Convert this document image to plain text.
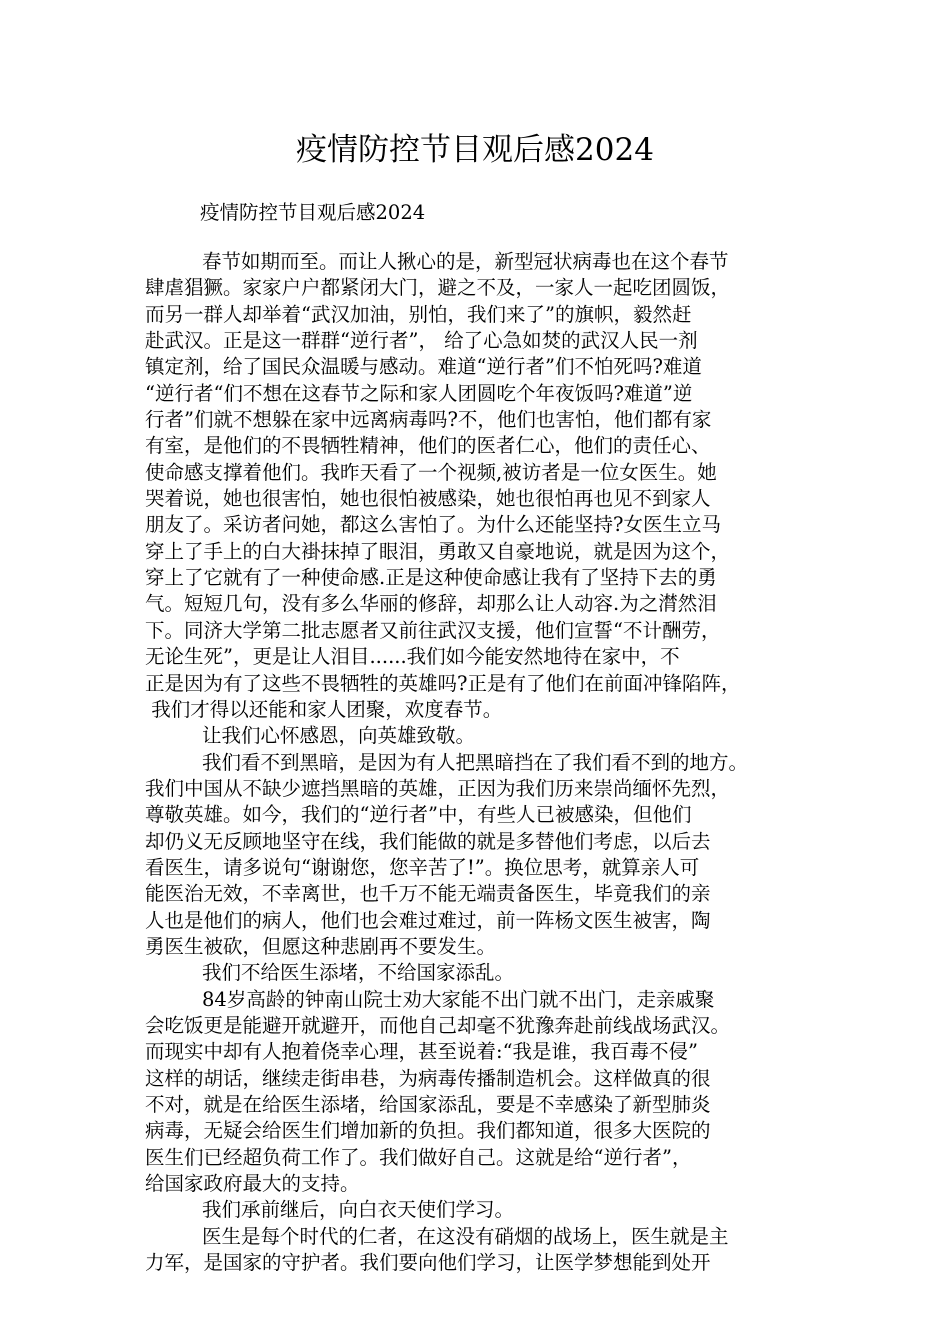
疫情防控节目观后感2024
疫情防控节目观后感2024
春节如期而至。而让人揪心的是，新型冠状病毒也在这个春节
肆虐猖獗。家家户户都紧闭大门，避之不及，一家人一起吃团圆饭，
而另一群人却举着“武汉加油，别怕，我们来了”的旗帜，毅然赶
赴武汉。正是这一群群“逆行者”， 给了心急如焚的武汉人民一剂
镇定剂，给了国民众温暖与感动。难道“逆行者”们不怕死吗?难道
“逆行者“们不想在这春节之际和家人团圆吃个年夜饭吗?难道”逆
行者”们就不想躲在家中远离病毒吗?不，他们也害怕，他们都有家
有室，是他们的不畏牺牲精神，他们的医者仁心，他们的责任心、
使命感支撑着他们。我昨天看了一个视频,被访者是一位女医生。她
哭着说，她也很害怕，她也很怕被感染，她也很怕再也见不到家人
朋友了。采访者问她，都这么害怕了。为什么还能坚持?女医生立马
穿上了手上的白大褂抹掉了眼泪，勇敢又自豪地说，就是因为这个，
穿上了它就有了一种使命感.正是这种使命感让我有了坚持下去的勇
气。短短几句，没有多么华丽的修辞，却那么让人动容.为之潸然泪
下。同济大学第二批志愿者又前往武汉支援，他们宣誓“不计酬劳，
无论生死”，更是让人泪目......我们如今能安然地待在家中，不
正是因为有了这些不畏牺牲的英雄吗?正是有了他们在前面冲锋陷阵，
我们才得以还能和家人团聚，欢度春节。
让我们心怀感恩，向英雄致敬。
我们看不到黑暗，是因为有人把黑暗挡在了我们看不到的地方。
我们中国从不缺少遮挡黑暗的英雄，正因为我们历来崇尚缅怀先烈，
尊敬英雄。如今，我们的“逆行者”中，有些人已被感染，但他们
却仍义无反顾地坚守在线，我们能做的就是多替他们考虑，以后去
看医生，请多说句“谢谢您，您辛苦了!”。换位思考，就算亲人可
能医治无效，不幸离世，也千万不能无端责备医生，毕竟我们的亲
人也是他们的病人，他们也会难过难过，前一阵杨文医生被害，陶
勇医生被砍，但愿这种悲剧再不要发生。
我们不给医生添堵，不给国家添乱。
84岁高龄的钟南山院士劝大家能不出门就不出门，走亲戚聚
会吃饭更是能避开就避开，而他自己却毫不犹豫奔赴前线战场武汉。
而现实中却有人抱着侥幸心理，甚至说着:“我是谁，我百毒不侵”
这样的胡话，继续走街串巷，为病毒传播制造机会。这样做真的很
不对，就是在给医生添堵，给国家添乱，要是不幸感染了新型肺炎
病毒，无疑会给医生们增加新的负担。我们都知道，很多大医院的
医生们已经超负荷工作了。我们做好自己。这就是给“逆行者”，
给国家政府最大的支持。
我们承前继后，向白衣天使们学习。
医生是每个时代的仁者，在这没有硝烟的战场上，医生就是主
力军，是国家的守护者。我们要向他们学习，让医学梦想能到处开
